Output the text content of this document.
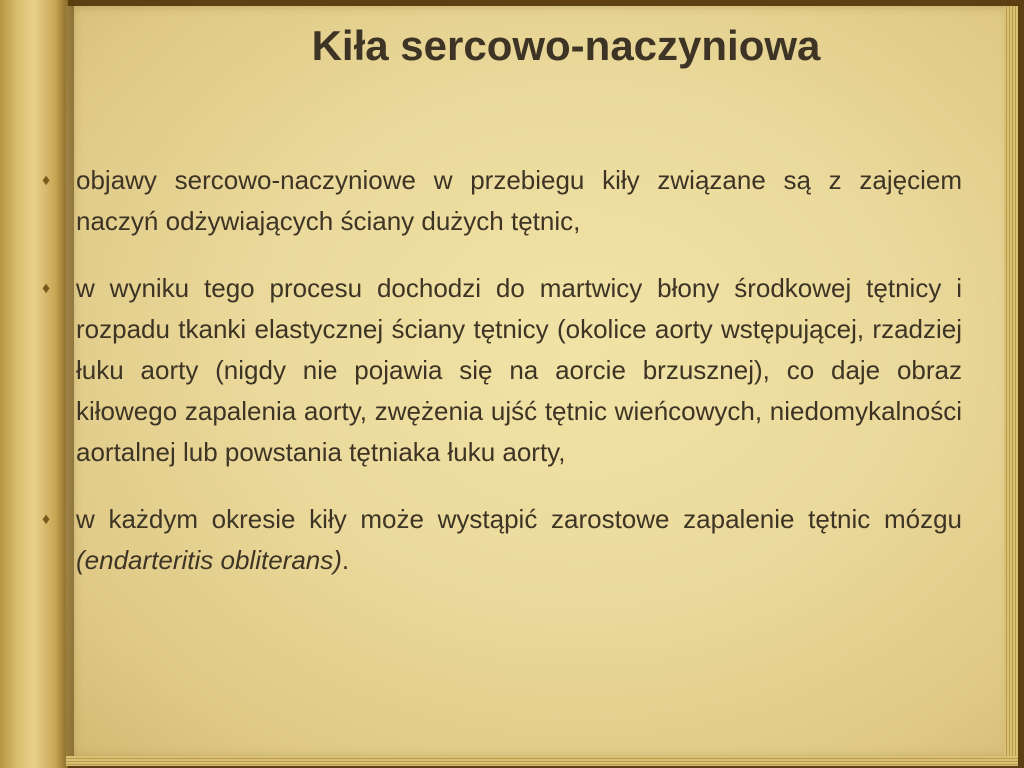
Kiła sercowo-naczyniowa
♦ objawy sercowo-naczyniowe w przebiegu kiły związane są z zajęciem naczyń odżywiających ściany dużych tętnic,
♦ w wyniku tego procesu dochodzi do martwicy błony środkowej tętnicy i rozpadu tkanki elastycznej ściany tętnicy (okolice aorty wstępującej, rzadziej łuku aorty (nigdy nie pojawia się na aorcie brzusznej), co daje obraz kiłowego zapalenia aorty, zwężenia ujść tętnic wieńcowych, niedomykalności aortalnej lub powstania tętniaka łuku aorty,
♦ w każdym okresie kiły może wystąpić zarostowe zapalenie tętnic mózgu (endarteritis obliterans).
